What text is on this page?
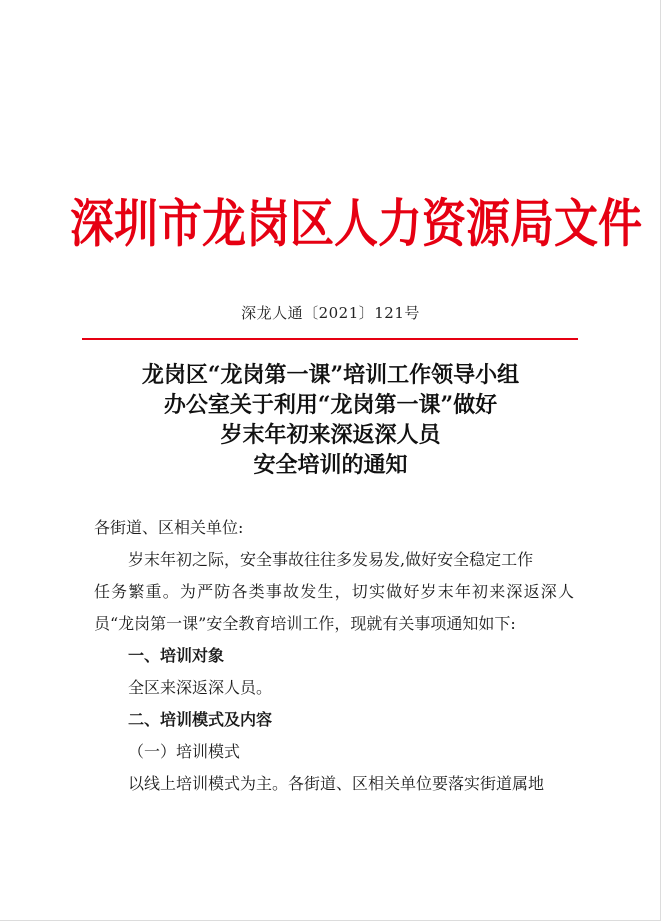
深圳市龙岗区人力资源局文件
深龙人通〔2021〕121号
龙岗区“龙岗第一课”培训工作领导小组
办公室关于利用“龙岗第一课”做好
岁末年初来深返深人员
安全培训的通知
各街道、区相关单位:
岁末年初之际，安全事故往往多发易发,做好安全稳定工作
任务繁重。为严防各类事故发生，切实做好岁末年初来深返深人
员“龙岗第一课”安全教育培训工作，现就有关事项通知如下:
一、培训对象
全区来深返深人员。
二、培训模式及内容
（一）培训模式
以线上培训模式为主。各街道、区相关单位要落实街道属地
